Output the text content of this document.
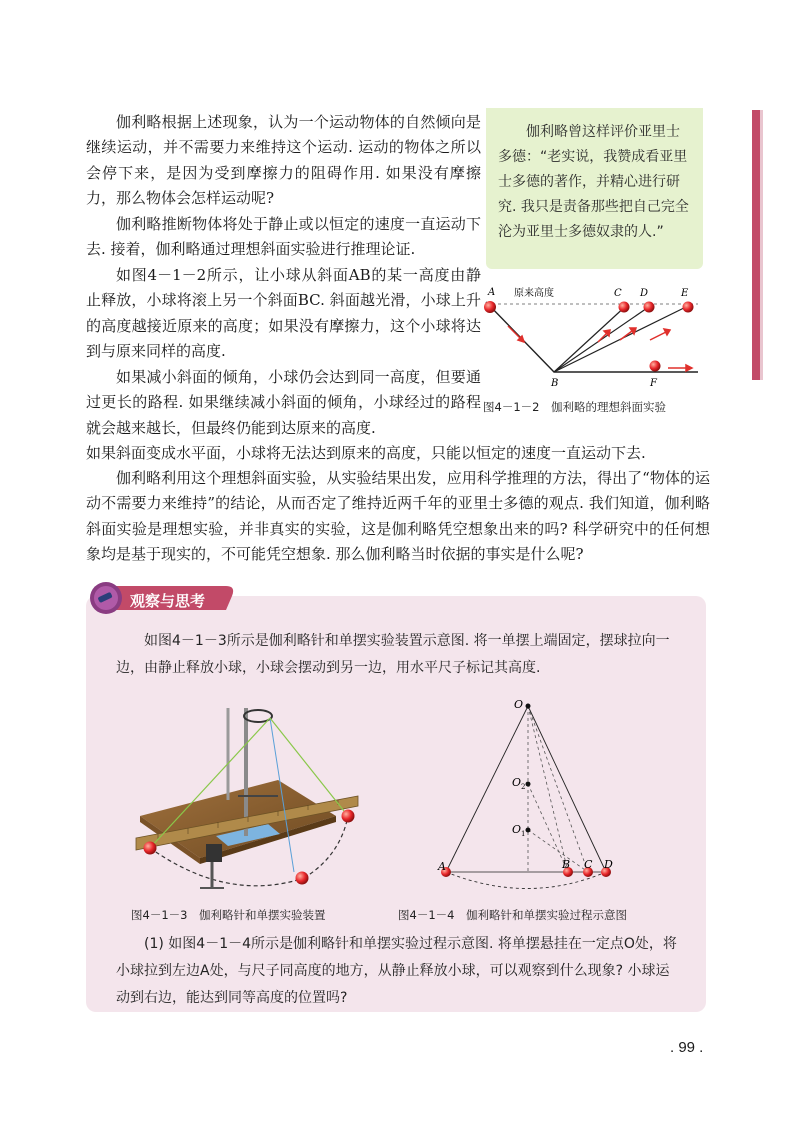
伽利略根据上述现象，认为一个运动物体的自然倾向是继续运动，并不需要力来维持这个运动. 运动的物体之所以会停下来，是因为受到摩擦力的阻碍作用. 如果没有摩擦力，那么物体会怎样运动呢?

伽利略推断物体将处于静止或以恒定的速度一直运动下去. 接着，伽利略通过理想斜面实验进行推理论证.

如图4－1－2所示，让小球从斜面AB的某一高度由静止释放，小球将滚上另一个斜面BC. 斜面越光滑，小球上升的高度越接近原来的高度；如果没有摩擦力，这个小球将达到与原来同样的高度.

如果减小斜面的倾角，小球仍会达到同一高度，但要通过更长的路程. 如果继续减小斜面的倾角，小球经过的路程就会越来越长，但最终仍能到达原来的高度.

如果斜面变成水平面，小球将无法达到原来的高度，只能以恒定的速度一直运动下去.

伽利略利用这个理想斜面实验，从实验结果出发，应用科学推理的方法，得出了“物体的运动不需要力来维持”的结论，从而否定了维持近两千年的亚里士多德的观点. 我们知道，伽利略斜面实验是理想实验，并非真实的实验，这是伽利略凭空想象出来的吗? 科学研究中的任何想象均是基于现实的，不可能凭空想象. 那么伽利略当时依据的事实是什么呢?

伽利略曾这样评价亚里士多德：“老实说，我赞成看亚里士多德的著作，并精心进行研究. 我只是责备那些把自己完全沦为亚里士多德奴隶的人.”

A 原来高度	C D	E
B	F
图4－1－2　伽利略的理想斜面实验
观察与思考

如图4－1－3所示是伽利略针和单摆实验装置示意图. 将一单摆上端固定，摆球拉向一边，由静止释放小球，小球会摆动到另一边，用水平尺子标记其高度.

O
O 2
O 1
A	B C D
图4－1－3　伽利略针和单摆实验装置	图4－1－4　伽利略针和单摆实验过程示意图

(1) 如图4－1－4所示是伽利略针和单摆实验过程示意图. 将单摆悬挂在一定点O处，将小球拉到左边A处，与尺子同高度的地方，从静止释放小球，可以观察到什么现象? 小球运动到右边，能达到同等高度的位置吗?

. 99 .
